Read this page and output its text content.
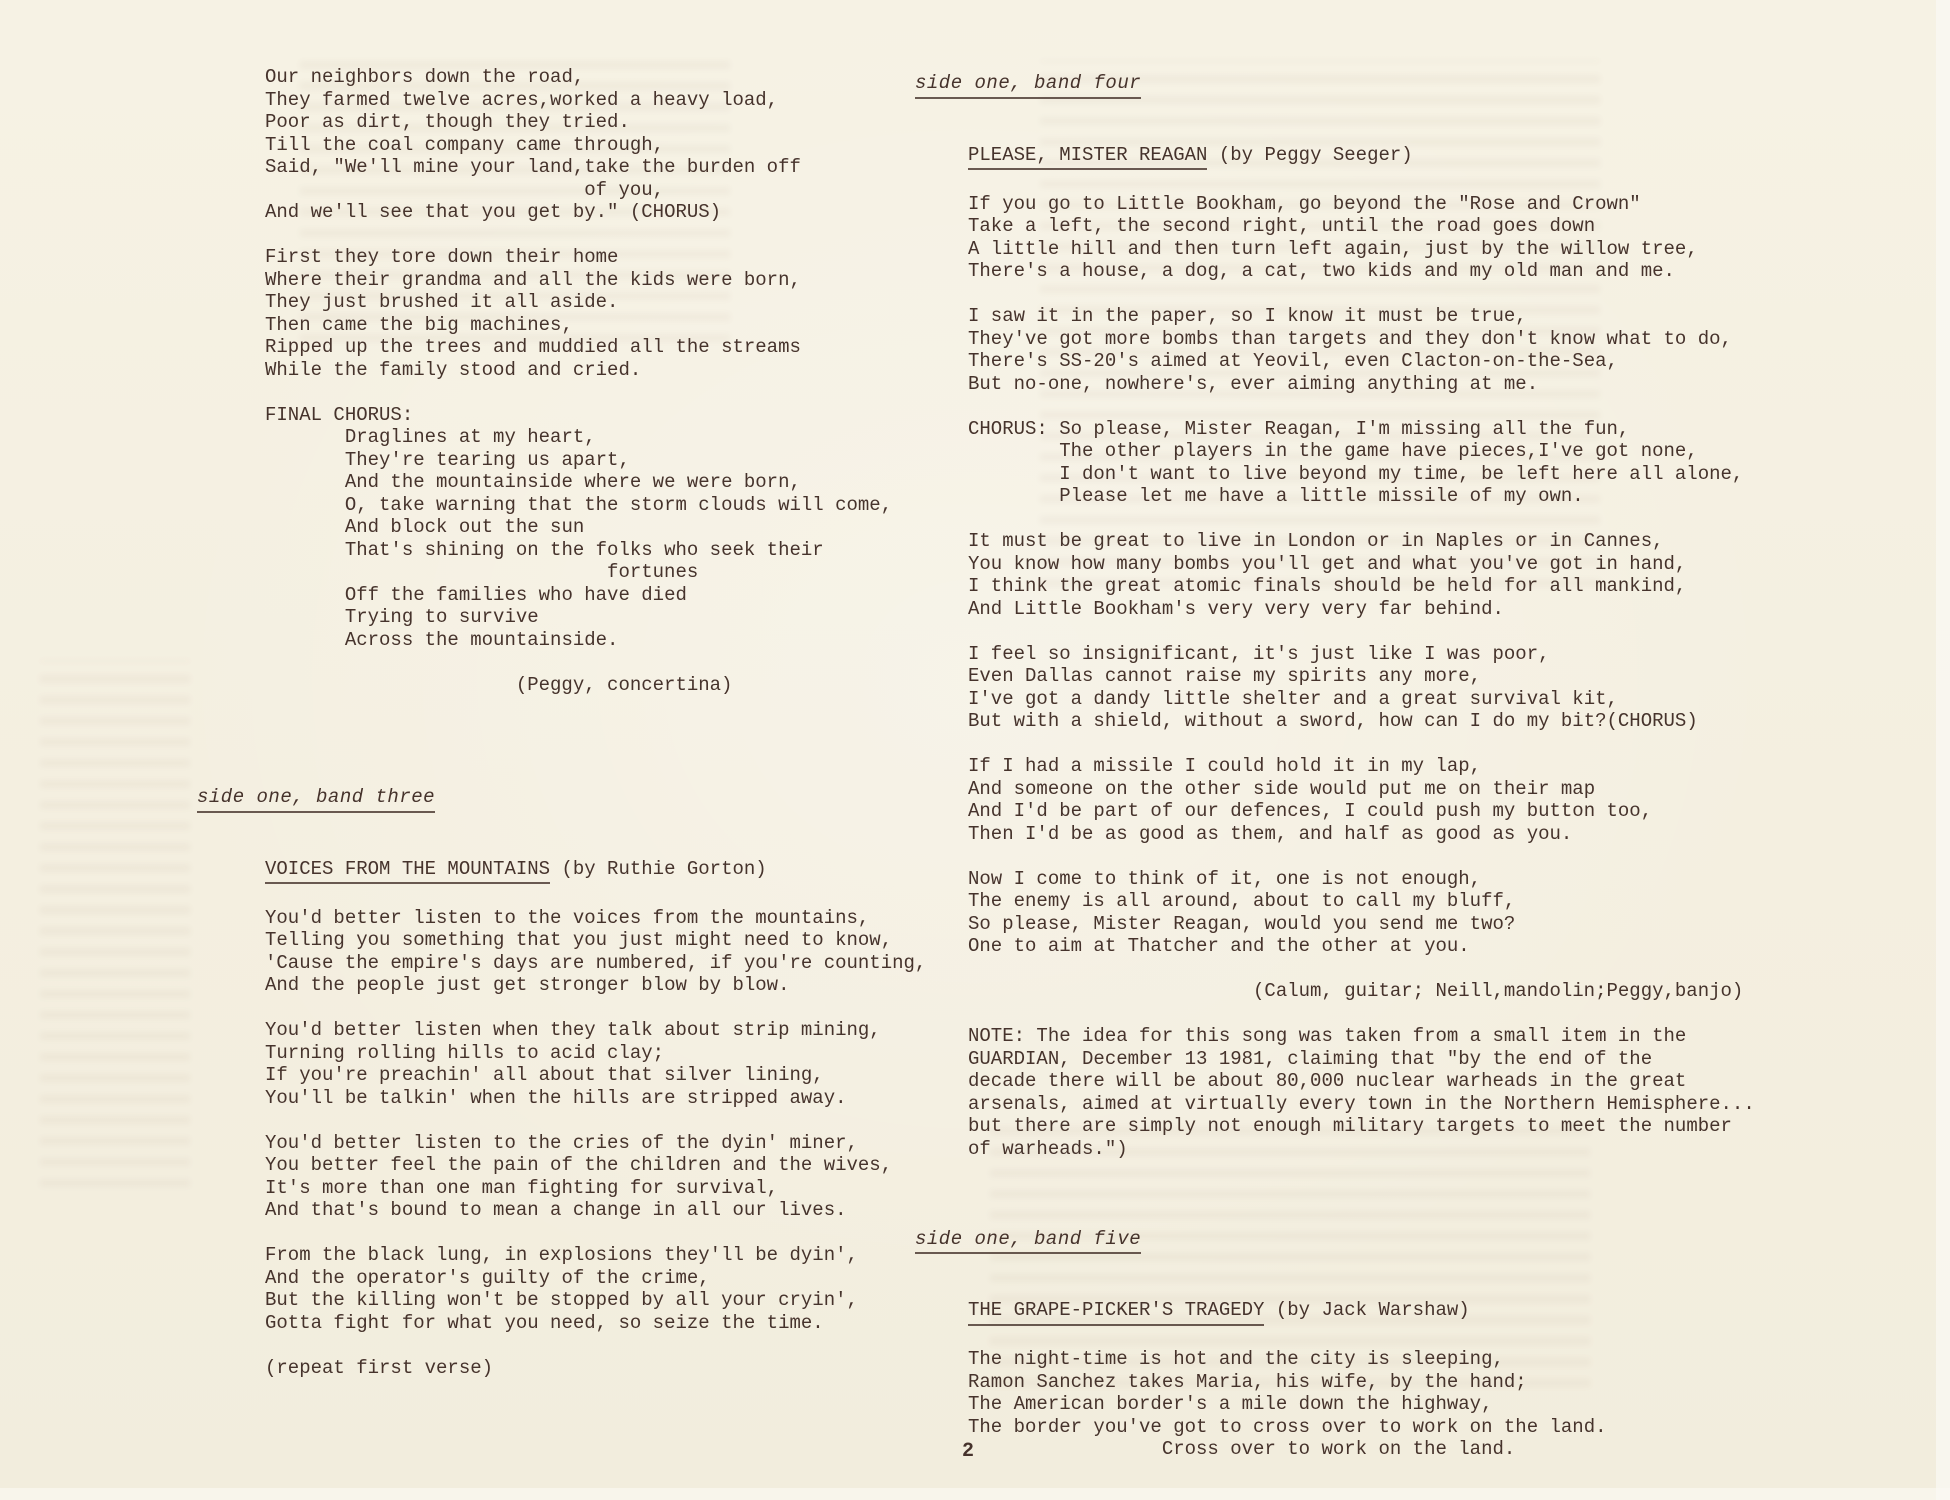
Our neighbors down the road,
They farmed twelve acres,worked a heavy load,
Poor as dirt, though they tried.
Till the coal company came through,
Said, "We'll mine your land,take the burden off
of you,
And we'll see that you get by." (CHORUS)
First they tore down their home
Where their grandma and all the kids were born,
They just brushed it all aside.
Then came the big machines,
Ripped up the trees and muddied all the streams
While the family stood and cried.
FINAL CHORUS:
Draglines at my heart,
They're tearing us apart,
And the mountainside where we were born,
O, take warning that the storm clouds will come,
And block out the sun
That's shining on the folks who seek their
fortunes
Off the families who have died
Trying to survive
Across the mountainside.
(Peggy, concertina)
side one, band three
VOICES FROM THE MOUNTAINS (by Ruthie Gorton)
You'd better listen to the voices from the mountains,
Telling you something that you just might need to know,
'Cause the empire's days are numbered, if you're counting,
And the people just get stronger blow by blow.
You'd better listen when they talk about strip mining,
Turning rolling hills to acid clay;
If you're preachin' all about that silver lining,
You'll be talkin' when the hills are stripped away.
You'd better listen to the cries of the dyin' miner,
You better feel the pain of the children and the wives,
It's more than one man fighting for survival,
And that's bound to mean a change in all our lives.
From the black lung, in explosions they'll be dyin',
And the operator's guilty of the crime,
But the killing won't be stopped by all your cryin',
Gotta fight for what you need, so seize the time.
(repeat first verse)
side one, band four
PLEASE, MISTER REAGAN (by Peggy Seeger)
If you go to Little Bookham, go beyond the "Rose and Crown"
Take a left, the second right, until the road goes down
A little hill and then turn left again, just by the willow tree,
There's a house, a dog, a cat, two kids and my old man and me.
I saw it in the paper, so I know it must be true,
They've got more bombs than targets and they don't know what to do,
There's SS-20's aimed at Yeovil, even Clacton-on-the-Sea,
But no-one, nowhere's, ever aiming anything at me.
CHORUS: So please, Mister Reagan, I'm missing all the fun,
The other players in the game have pieces,I've got none,
I don't want to live beyond my time, be left here all alone,
Please let me have a little missile of my own.
It must be great to live in London or in Naples or in Cannes,
You know how many bombs you'll get and what you've got in hand,
I think the great atomic finals should be held for all mankind,
And Little Bookham's very very very far behind.
I feel so insignificant, it's just like I was poor,
Even Dallas cannot raise my spirits any more,
I've got a dandy little shelter and a great survival kit,
But with a shield, without a sword, how can I do my bit?(CHORUS)
If I had a missile I could hold it in my lap,
And someone on the other side would put me on their map
And I'd be part of our defences, I could push my button too,
Then I'd be as good as them, and half as good as you.
Now I come to think of it, one is not enough,
The enemy is all around, about to call my bluff,
So please, Mister Reagan, would you send me two?
One to aim at Thatcher and the other at you.
(Calum, guitar; Neill,mandolin;Peggy,banjo)
NOTE: The idea for this song was taken from a small item in the
GUARDIAN, December 13 1981, claiming that "by the end of the
decade there will be about 80,000 nuclear warheads in the great
arsenals, aimed at virtually every town in the Northern Hemisphere...
but there are simply not enough military targets to meet the number
of warheads.")
side one, band five
THE GRAPE-PICKER'S TRAGEDY (by Jack Warshaw)
The night-time is hot and the city is sleeping,
Ramon Sanchez takes Maria, his wife, by the hand;
The American border's a mile down the highway,
The border you've got to cross over to work on the land.
Cross over to work on the land.
2
